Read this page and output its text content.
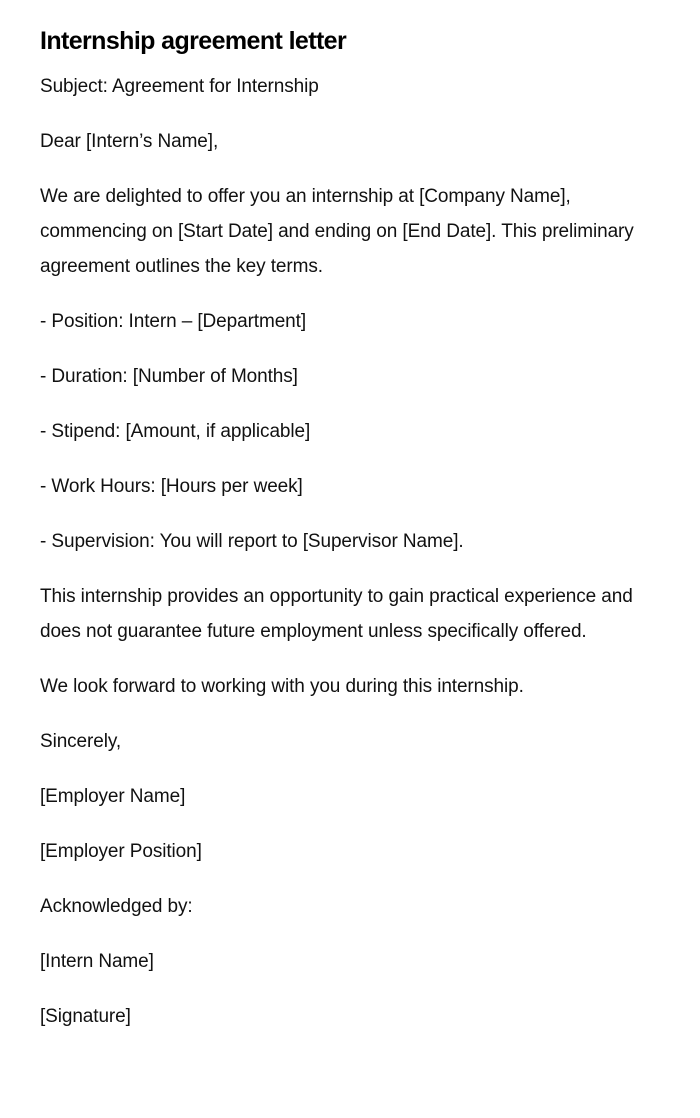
Internship agreement letter

Subject: Agreement for Internship

Dear [Intern’s Name],

We are delighted to offer you an internship at [Company Name], commencing on [Start Date] and ending on [End Date]. This preliminary agreement outlines the key terms.

- Position: Intern – [Department]
- Duration: [Number of Months]
- Stipend: [Amount, if applicable]
- Work Hours: [Hours per week]
- Supervision: You will report to [Supervisor Name].

This internship provides an opportunity to gain practical experience and does not guarantee future employment unless specifically offered.

We look forward to working with you during this internship.

Sincerely,

[Employer Name]

[Employer Position]

Acknowledged by:

[Intern Name]

[Signature]
